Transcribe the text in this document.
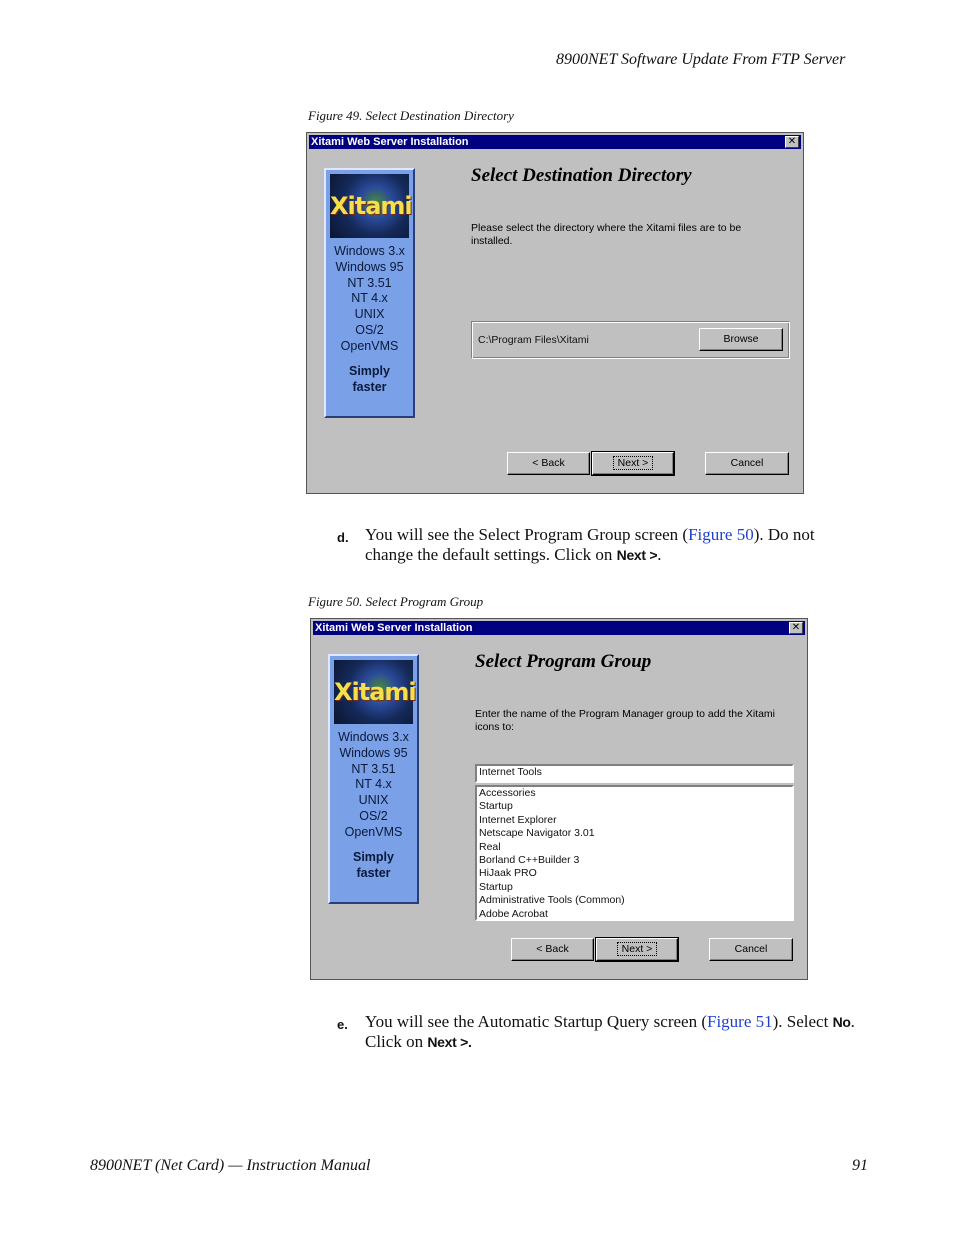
8900NET Software Update From FTP Server
Figure 49. Select Destination Directory
Xitami Web Server Installation	✕
Xitami
Windows 3.x
Windows 95
NT 3.51
NT 4.x
UNIX
OS/2
OpenVMS
Simply
faster
Select Destination Directory
Please select the directory where the Xitami files are to be installed.
C:\Program Files\Xitami	Browse
< Back	Next >	Cancel
d. You will see the Select Program Group screen (Figure 50). Do not change the default settings. Click on Next >.
Figure 50. Select Program Group
Xitami Web Server Installation	✕
Xitami
Windows 3.x
Windows 95
NT 3.51
NT 4.x
UNIX
OS/2
OpenVMS
Simply
faster
Select Program Group
Enter the name of the Program Manager group to add the Xitami icons to:
Internet Tools
Accessories
Startup
Internet Explorer
Netscape Navigator 3.01
Real
Borland C++Builder 3
HiJaak PRO
Startup
Administrative Tools (Common)
Adobe Acrobat
< Back	Next >	Cancel
e. You will see the Automatic Startup Query screen (Figure 51). Select No. Click on Next >.
8900NET (Net Card) — Instruction Manual	91
